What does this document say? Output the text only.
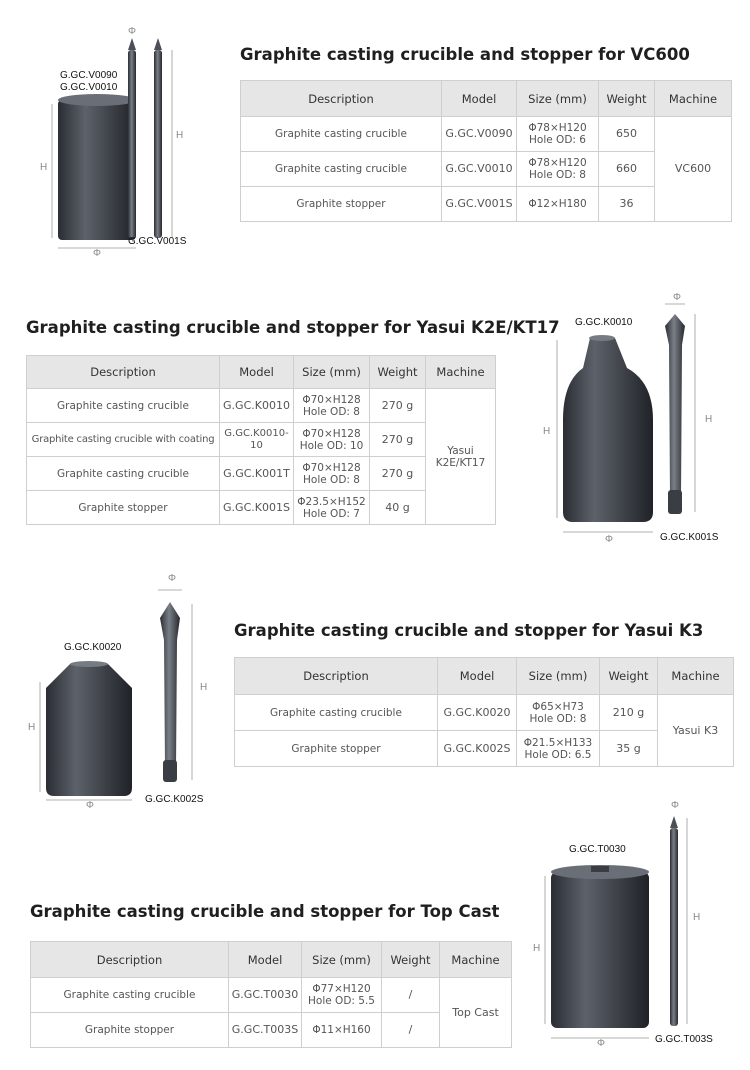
Graphite casting crucible and stopper for VC600
H
Φ
H
Φ
G.GC.V0090
G.GC.V0010
G.GC.V001S
Description	Model	Size (mm)	Weight	Machine
Graphite casting crucible	G.GC.V0090	Φ78×H120
Hole OD: 6	650	VC600
Graphite casting crucible	G.GC.V0010	Φ78×H120
Hole OD: 8	660	
Graphite stopper	G.GC.V001S	Φ12×H180	36	
Graphite casting crucible and stopper for Yasui K2E/KT17
Description	Model	Size (mm)	Weight	Machine
Graphite casting crucible	G.GC.K0010	Φ70×H128
Hole OD: 8	270 g	Yasui
K2E/KT17
Graphite casting crucible with coating	G.GC.K0010-10	Φ70×H128
Hole OD: 10	270 g	
Graphite casting crucible	G.GC.K001T	Φ70×H128
Hole OD: 8	270 g	
Graphite stopper	G.GC.K001S	Φ23.5×H152
Hole OD: 7	40 g	
H
Φ
H
Φ
G.GC.K0010
G.GC.K001S
Graphite casting crucible and stopper for Yasui K3
H
Φ
H
Φ
G.GC.K0020
G.GC.K002S
Description	Model	Size (mm)	Weight	Machine
Graphite casting crucible	G.GC.K0020	Φ65×H73
Hole OD: 8	210 g	Yasui K3
Graphite stopper	G.GC.K002S	Φ21.5×H133
Hole OD: 6.5	35 g	
Graphite casting crucible and stopper for Top Cast
Description	Model	Size (mm)	Weight	Machine
Graphite casting crucible	G.GC.T0030	Φ77×H120
Hole OD: 5.5	/	Top Cast
Graphite stopper	G.GC.T003S	Φ11×H160	/	
H
Φ
H
Φ
G.GC.T0030
G.GC.T003S
